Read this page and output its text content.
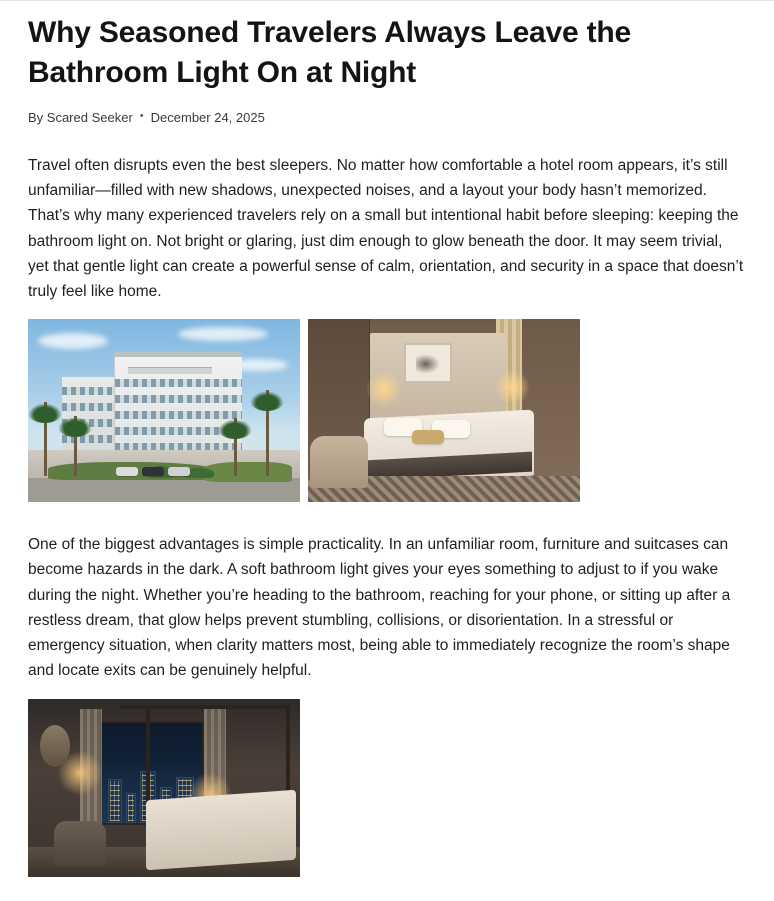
Why Seasoned Travelers Always Leave the Bathroom Light On at Night
By Scared Seeker • December 24, 2025

Travel often disrupts even the best sleepers. No matter how comfortable a hotel room appears, it’s still unfamiliar—filled with new shadows, unexpected noises, and a layout your body hasn’t memorized. That’s why many experienced travelers rely on a small but intentional habit before sleeping: keeping the bathroom light on. Not bright or glaring, just dim enough to glow beneath the door. It may seem trivial, yet that gentle light can create a powerful sense of calm, orientation, and security in a space that doesn’t truly feel like home.

One of the biggest advantages is simple practicality. In an unfamiliar room, furniture and suitcases can become hazards in the dark. A soft bathroom light gives your eyes something to adjust to if you wake during the night. Whether you’re heading to the bathroom, reaching for your phone, or sitting up after a restless dream, that glow helps prevent stumbling, collisions, or disorientation. In a stressful or emergency situation, when clarity matters most, being able to immediately recognize the room’s shape and locate exits can be genuinely helpful.
